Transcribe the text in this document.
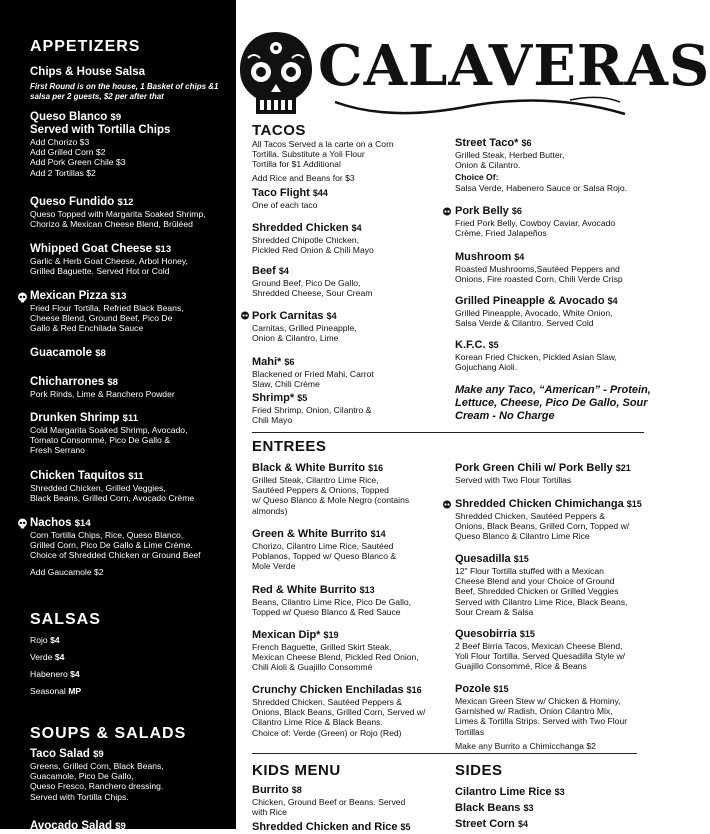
APPETIZERS
Chips & House Salsa
First Round is on the house, 1 Basket of chips &1 salsa per 2 guests, $2 per after that
Queso Blanco $9
Served with Tortilla Chips
Add Chorizo $3
Add Grilled Corn $2
Add Pork Green Chile $3
Add 2 Tortillas $2
Queso Fundido $12
Queso Topped with Margarita Soaked Shrimp,
Chorizo & Mexican Cheese Blend, Brûléed
Whipped Goat Cheese $13
Garlic & Herb Goat Cheese, Arbol Honey,
Grilled Baguette. Served Hot or Cold
Mexican Pizza $13
Fried Flour Tortilla, Refried Black Beans,
Cheese Blend, Ground Beef, Pico De
Gallo & Red Enchilada Sauce
Guacamole $8
Chicharrones $8
Pork Rinds, Lime & Ranchero Powder
Drunken Shrimp $11
Cold Margarita Soaked Shrimp, Avocado,
Tomato Consommé, Pico De Gallo &
Fresh Serrano
Chicken Taquitos $11
Shredded Chicken, Grilled Veggies,
Black Beans, Grilled Corn, Avocado Crème
Nachos $14
Corn Tortilla Chips, Rice, Queso Blanco,
Grilled Corn, Pico De Gallo & Lime Crème.
Choice of Shredded Chicken or Ground Beef
Add Gaucamole $2
SALSAS
Rojo $4
Verde $4
Habenero $4
Seasonal MP
SOUPS & SALADS
Taco Salad $9
Greens, Grilled Corn, Black Beans,
Guacamole, Pico De Gallo,
Queso Fresco, Ranchero dressing.
Served with Tortilla Chips.
Avocado Salad $9
CALAVERAS
TACOS
All Tacos Served a la carte on a Corn
Tortilla. Substitute a Yoli Flour
Tortilla for $1 Additional
Add Rice and Beans for $3
Taco Flight $44
One of each taco
Shredded Chicken $4
Shredded Chipotle Chicken,
Pickled Red Onion & Chili Mayo
Beef $4
Ground Beef, Pico De Gallo,
Shredded Cheese, Sour Cream
Pork Carnitas $4
Carnitas, Grilled Pineapple,
Onion & Cilantro, Lime
Mahi* $6
Blackened or Fried Mahi, Carrot
Slaw, Chili Crème
Shrimp* $5
Fried Shrimp, Onion, Cilantro &
Chili Mayo
Street Taco* $6
Grilled Steak, Herbed Butter,
Onion & Cilantro.
Choice Of:
Salsa Verde, Habenero Sauce or Salsa Rojo.
Pork Belly $6
Fried Pork Belly, Cowboy Caviar, Avocado
Crème, Fried Jalapeños
Mushroom $4
Roasted Mushrooms,Sautéed Peppers and
Onions, Fire roasted Corn, Chili Verde Crisp
Grilled Pineapple & Avocado $4
Grilled Pineapple, Avocado, White Onion,
Salsa Verde & Cilantro. Served Cold
K.F.C. $5
Korean Fried Chicken, Pickled Asian Slaw,
Gojuchang Aioli.
Make any Taco, “American” - Protein,
Lettuce, Cheese, Pico De Gallo, Sour
Cream - No Charge
ENTREES
Black & White Burrito $16
Grilled Steak, Cilantro Lime Rice,
Sautéed Peppers & Onions, Topped
w/ Queso Blanco & Mole Negro (contains
almonds)
Green & White Burrito $14
Chorizo, Cilantro Lime Rice, Sautéed
Poblanos, Topped w/ Queso Blanco &
Mole Verde
Red & White Burrito $13
Beans, Cilantro Lime Rice, Pico De Gallo,
Topped w/ Queso Blanco & Red Sauce
Mexican Dip* $19
French Baguette, Grilled Skirt Steak,
Mexican Cheese Blend, Pickled Red Onion,
Chili Aioli & Guajillo Consommé
Crunchy Chicken Enchiladas $16
Shredded Chicken, Sautéed Peppers &
Onions, Black Beans, Grilled Corn, Served w/
Cilantro Lime Rice & Black Beans.
Choice of: Verde (Green) or Rojo (Red)
Pork Green Chili w/ Pork Belly $21
Served with Two Flour Tortillas
Shredded Chicken Chimichanga $15
Shredded Chicken, Sautéed Peppers &
Onions, Black Beans, Grilled Corn, Topped w/
Queso Blanco & Cilantro Lime Rice
Quesadilla $15
12" Flour Tortilla stuffed with a Mexican
Cheese Blend and your Choice of Ground
Beef, Shredded Chicken or Grilled Veggies
Served with Cilantro Lime Rice, Black Beans,
Sour Cream & Salsa
Quesobirria $15
2 Beef Birria Tacos, Mexican Cheese Blend,
Yoli Flour Tortilla. Served Quesadilla Style w/
Guajillo Consommé, Rice & Beans
Pozole $15
Mexican Green Stew w/ Chicken & Hominy,
Garnished w/ Radish, Onion Cilantro Mix,
Limes & Tortilla Strips. Served with Two Flour
Tortillas
Make any Burrito a Chimicchanga $2
KIDS MENU
Burrito $8
Chicken, Ground Beef or Beans. Served
with Rice
Shredded Chicken and Rice $5
SIDES
Cilantro Lime Rice $3
Black Beans $3
Street Corn $4
